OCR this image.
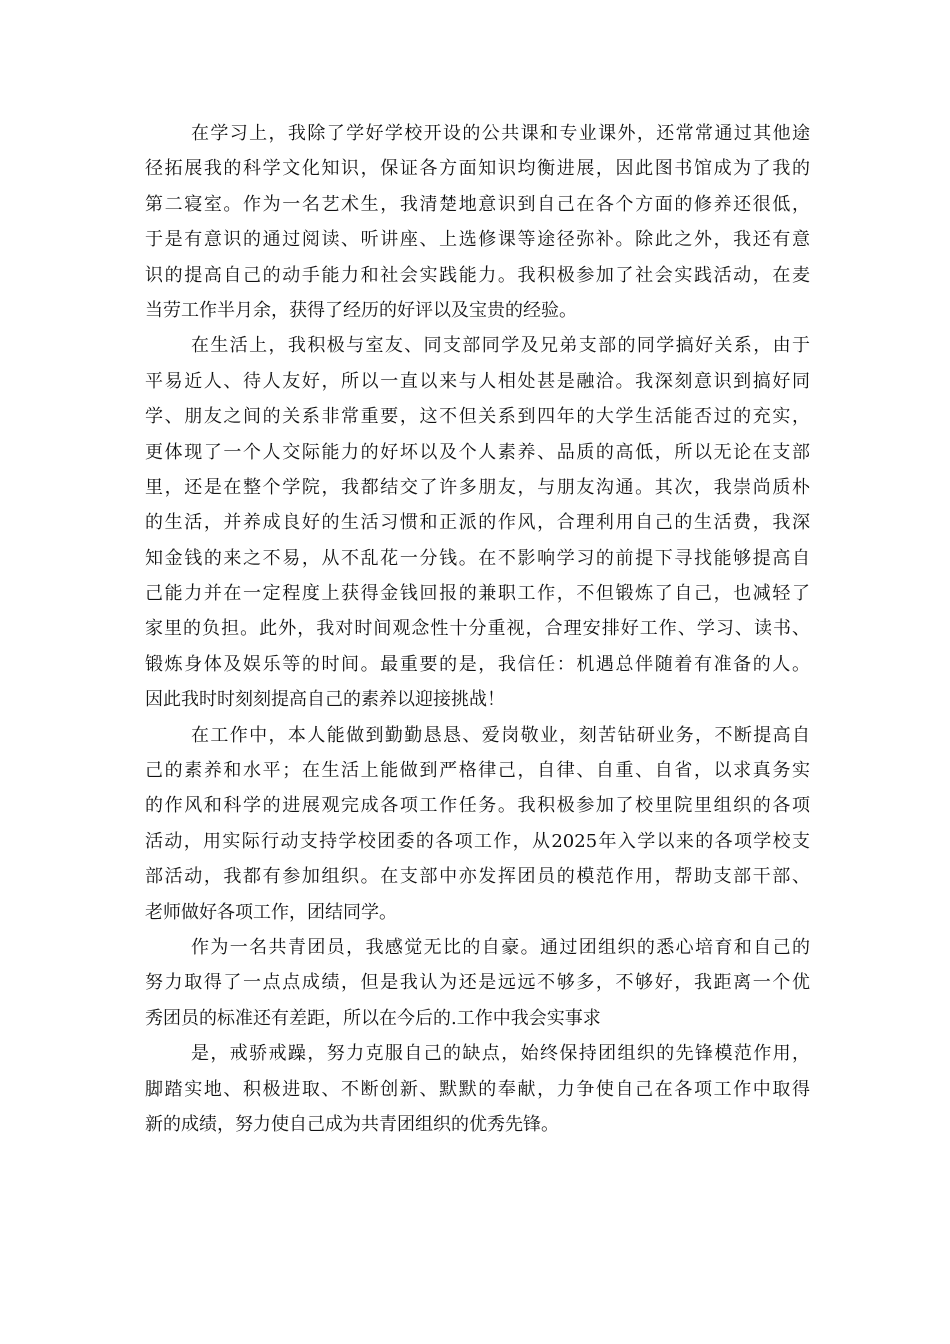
在学习上，我除了学好学校开设的公共课和专业课外，还常常通过其他途
径拓展我的科学文化知识，保证各方面知识均衡进展，因此图书馆成为了我的
第二寝室。作为一名艺术生，我清楚地意识到自己在各个方面的修养还很低，
于是有意识的通过阅读、听讲座、上选修课等途径弥补。除此之外，我还有意
识的提高自己的动手能力和社会实践能力。我积极参加了社会实践活动，在麦
当劳工作半月余，获得了经历的好评以及宝贵的经验。

在生活上，我积极与室友、同支部同学及兄弟支部的同学搞好关系，由于
平易近人、待人友好，所以一直以来与人相处甚是融洽。我深刻意识到搞好同
学、朋友之间的关系非常重要，这不但关系到四年的大学生活能否过的充实，
更体现了一个人交际能力的好坏以及个人素养、品质的高低，所以无论在支部
里，还是在整个学院，我都结交了许多朋友，与朋友沟通。其次，我崇尚质朴
的生活，并养成良好的生活习惯和正派的作风，合理利用自己的生活费，我深
知金钱的来之不易，从不乱花一分钱。在不影响学习的前提下寻找能够提高自
己能力并在一定程度上获得金钱回报的兼职工作，不但锻炼了自己，也减轻了
家里的负担。此外，我对时间观念性十分重视，合理安排好工作、学习、读书、
锻炼身体及娱乐等的时间。最重要的是，我信任：机遇总伴随着有准备的人。
因此我时时刻刻提高自己的素养以迎接挑战！

在工作中，本人能做到勤勤恳恳、爱岗敬业，刻苦钻研业务，不断提高自
己的素养和水平；在生活上能做到严格律己，自律、自重、自省，以求真务实
的作风和科学的进展观完成各项工作任务。我积极参加了校里院里组织的各项
活动，用实际行动支持学校团委的各项工作，从2025年入学以来的各项学校支
部活动，我都有参加组织。在支部中亦发挥团员的模范作用，帮助支部干部、
老师做好各项工作，团结同学。

作为一名共青团员，我感觉无比的自豪。通过团组织的悉心培育和自己的
努力取得了一点点成绩，但是我认为还是远远不够多，不够好，我距离一个优
秀团员的标准还有差距，所以在今后的.工作中我会实事求

是，戒骄戒躁，努力克服自己的缺点，始终保持团组织的先锋模范作用，
脚踏实地、积极进取、不断创新、默默的奉献，力争使自己在各项工作中取得
新的成绩，努力使自己成为共青团组织的优秀先锋。
